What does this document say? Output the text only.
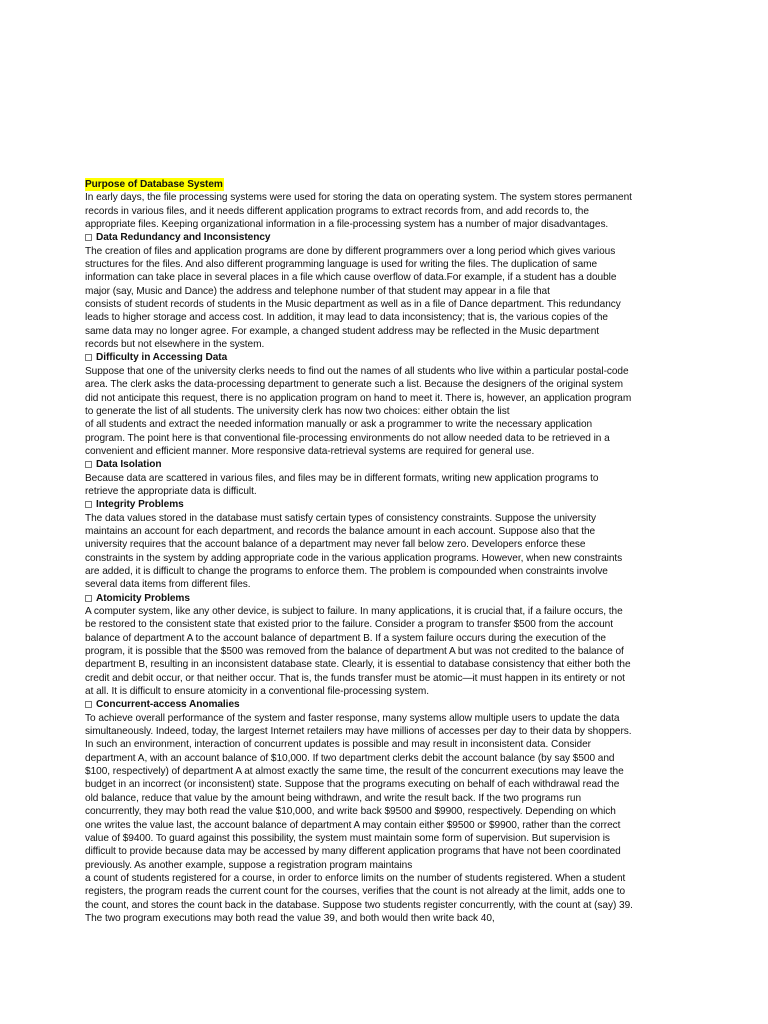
Purpose of Database System
In early days, the file processing systems were used for storing the data on operating system. The system stores permanent
records in various files, and it needs different application programs to extract records from, and add records to, the
appropriate files. Keeping organizational information in a file-processing system has a number of major disadvantages.
Data Redundancy and Inconsistency
The creation of files and application programs are done by different programmers over a long period which gives various
structures for the files. And also different programming language is used for writing the files. The duplication of same
information can take place in several places in a file which cause overflow of data.For example, if a student has a double
major (say, Music and Dance) the address and telephone number of that student may appear in a file that
consists of student records of students in the Music department as well as in a file of Dance department. This redundancy
leads to higher storage and access cost. In addition, it may lead to data inconsistency; that is, the various copies of the
same data may no longer agree. For example, a changed student address may be reflected in the Music department
records but not elsewhere in the system.
Difficulty in Accessing Data
Suppose that one of the university clerks needs to find out the names of all students who live within a particular postal-code
area. The clerk asks the data-processing department to generate such a list. Because the designers of the original system
did not anticipate this request, there is no application program on hand to meet it. There is, however, an application program
to generate the list of all students. The university clerk has now two choices: either obtain the list
of all students and extract the needed information manually or ask a programmer to write the necessary application
program. The point here is that conventional file-processing environments do not allow needed data to be retrieved in a
convenient and efficient manner. More responsive data-retrieval systems are required for general use.
Data Isolation
Because data are scattered in various files, and files may be in different formats, writing new application programs to
retrieve the appropriate data is difficult.
Integrity Problems
The data values stored in the database must satisfy certain types of consistency constraints. Suppose the university
maintains an account for each department, and records the balance amount in each account. Suppose also that the
university requires that the account balance of a department may never fall below zero. Developers enforce these
constraints in the system by adding appropriate code in the various application programs. However, when new constraints
are added, it is difficult to change the programs to enforce them. The problem is compounded when constraints involve
several data items from different files.
Atomicity Problems
A computer system, like any other device, is subject to failure. In many applications, it is crucial that, if a failure occurs, the
be restored to the consistent state that existed prior to the failure. Consider a program to transfer $500 from the account
balance of department A to the account balance of department B. If a system failure occurs during the execution of the
program, it is possible that the $500 was removed from the balance of department A but was not credited to the balance of
department B, resulting in an inconsistent database state. Clearly, it is essential to database consistency that either both the
credit and debit occur, or that neither occur. That is, the funds transfer must be atomic—it must happen in its entirety or not
at all. It is difficult to ensure atomicity in a conventional file-processing system.
Concurrent-access Anomalies
To achieve overall performance of the system and faster response, many systems allow multiple users to update the data
simultaneously. Indeed, today, the largest Internet retailers may have millions of accesses per day to their data by shoppers.
In such an environment, interaction of concurrent updates is possible and may result in inconsistent data. Consider
department A, with an account balance of $10,000. If two department clerks debit the account balance (by say $500 and
$100, respectively) of department A at almost exactly the same time, the result of the concurrent executions may leave the
budget in an incorrect (or inconsistent) state. Suppose that the programs executing on behalf of each withdrawal read the
old balance, reduce that value by the amount being withdrawn, and write the result back. If the two programs run
concurrently, they may both read the value $10,000, and write back $9500 and $9900, respectively. Depending on which
one writes the value last, the account balance of department A may contain either $9500 or $9900, rather than the correct
value of $9400. To guard against this possibility, the system must maintain some form of supervision. But supervision is
difficult to provide because data may be accessed by many different application programs that have not been coordinated
previously. As another example, suppose a registration program maintains
a count of students registered for a course, in order to enforce limits on the number of students registered. When a student
registers, the program reads the current count for the courses, verifies that the count is not already at the limit, adds one to
the count, and stores the count back in the database. Suppose two students register concurrently, with the count at (say) 39.
The two program executions may both read the value 39, and both would then write back 40,
